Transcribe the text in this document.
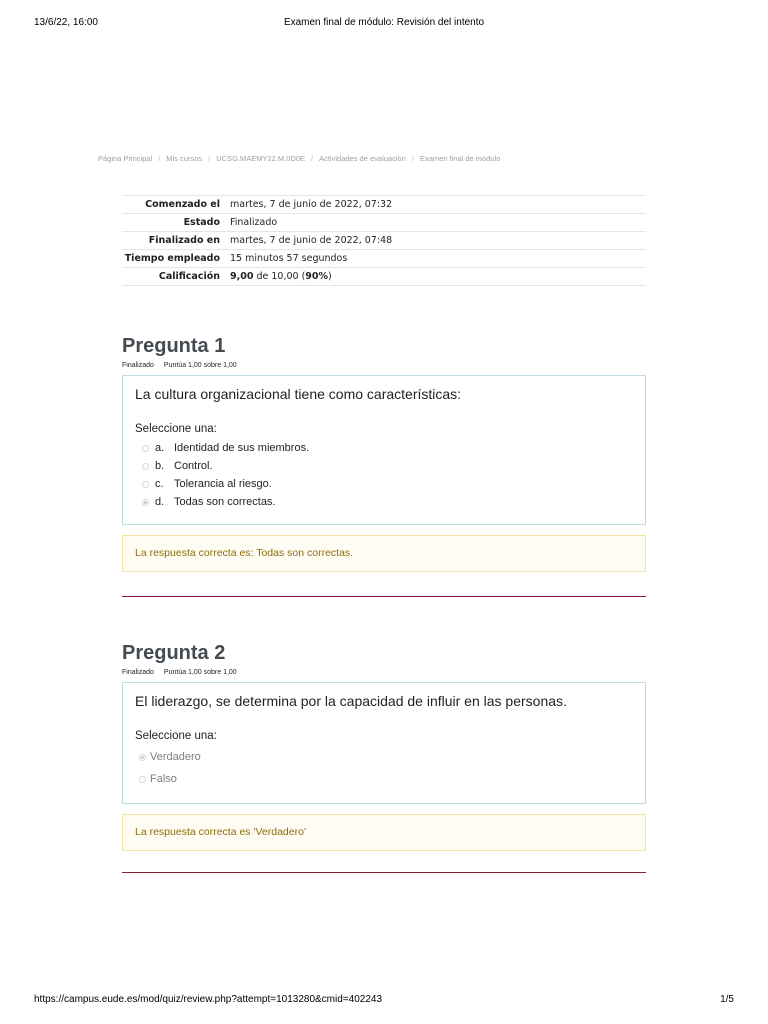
13/6/22, 16:00	Examen final de módulo: Revisión del intento
Página Principal / Mis cursos / UCSG.MAEMY22.M.0D0E / Actividades de evaluación / Examen final de módulo
Comenzado el	martes, 7 de junio de 2022, 07:32
Estado	Finalizado
Finalizado en	martes, 7 de junio de 2022, 07:48
Tiempo empleado	15 minutos 57 segundos
Calificación	9,00 de 10,00 (90%)
Pregunta 1
Finalizado Puntúa 1,00 sobre 1,00
La cultura organizacional tiene como características:
Seleccione una:
a. Identidad de sus miembros.
b. Control.
c. Tolerancia al riesgo.
d. Todas son correctas.
La respuesta correcta es: Todas son correctas.
Pregunta 2
Finalizado Puntúa 1,00 sobre 1,00
El liderazgo, se determina por la capacidad de influir en las personas.
Seleccione una:
Verdadero
Falso
La respuesta correcta es 'Verdadero'
https://campus.eude.es/mod/quiz/review.php?attempt=1013280&cmid=402243	1/5
